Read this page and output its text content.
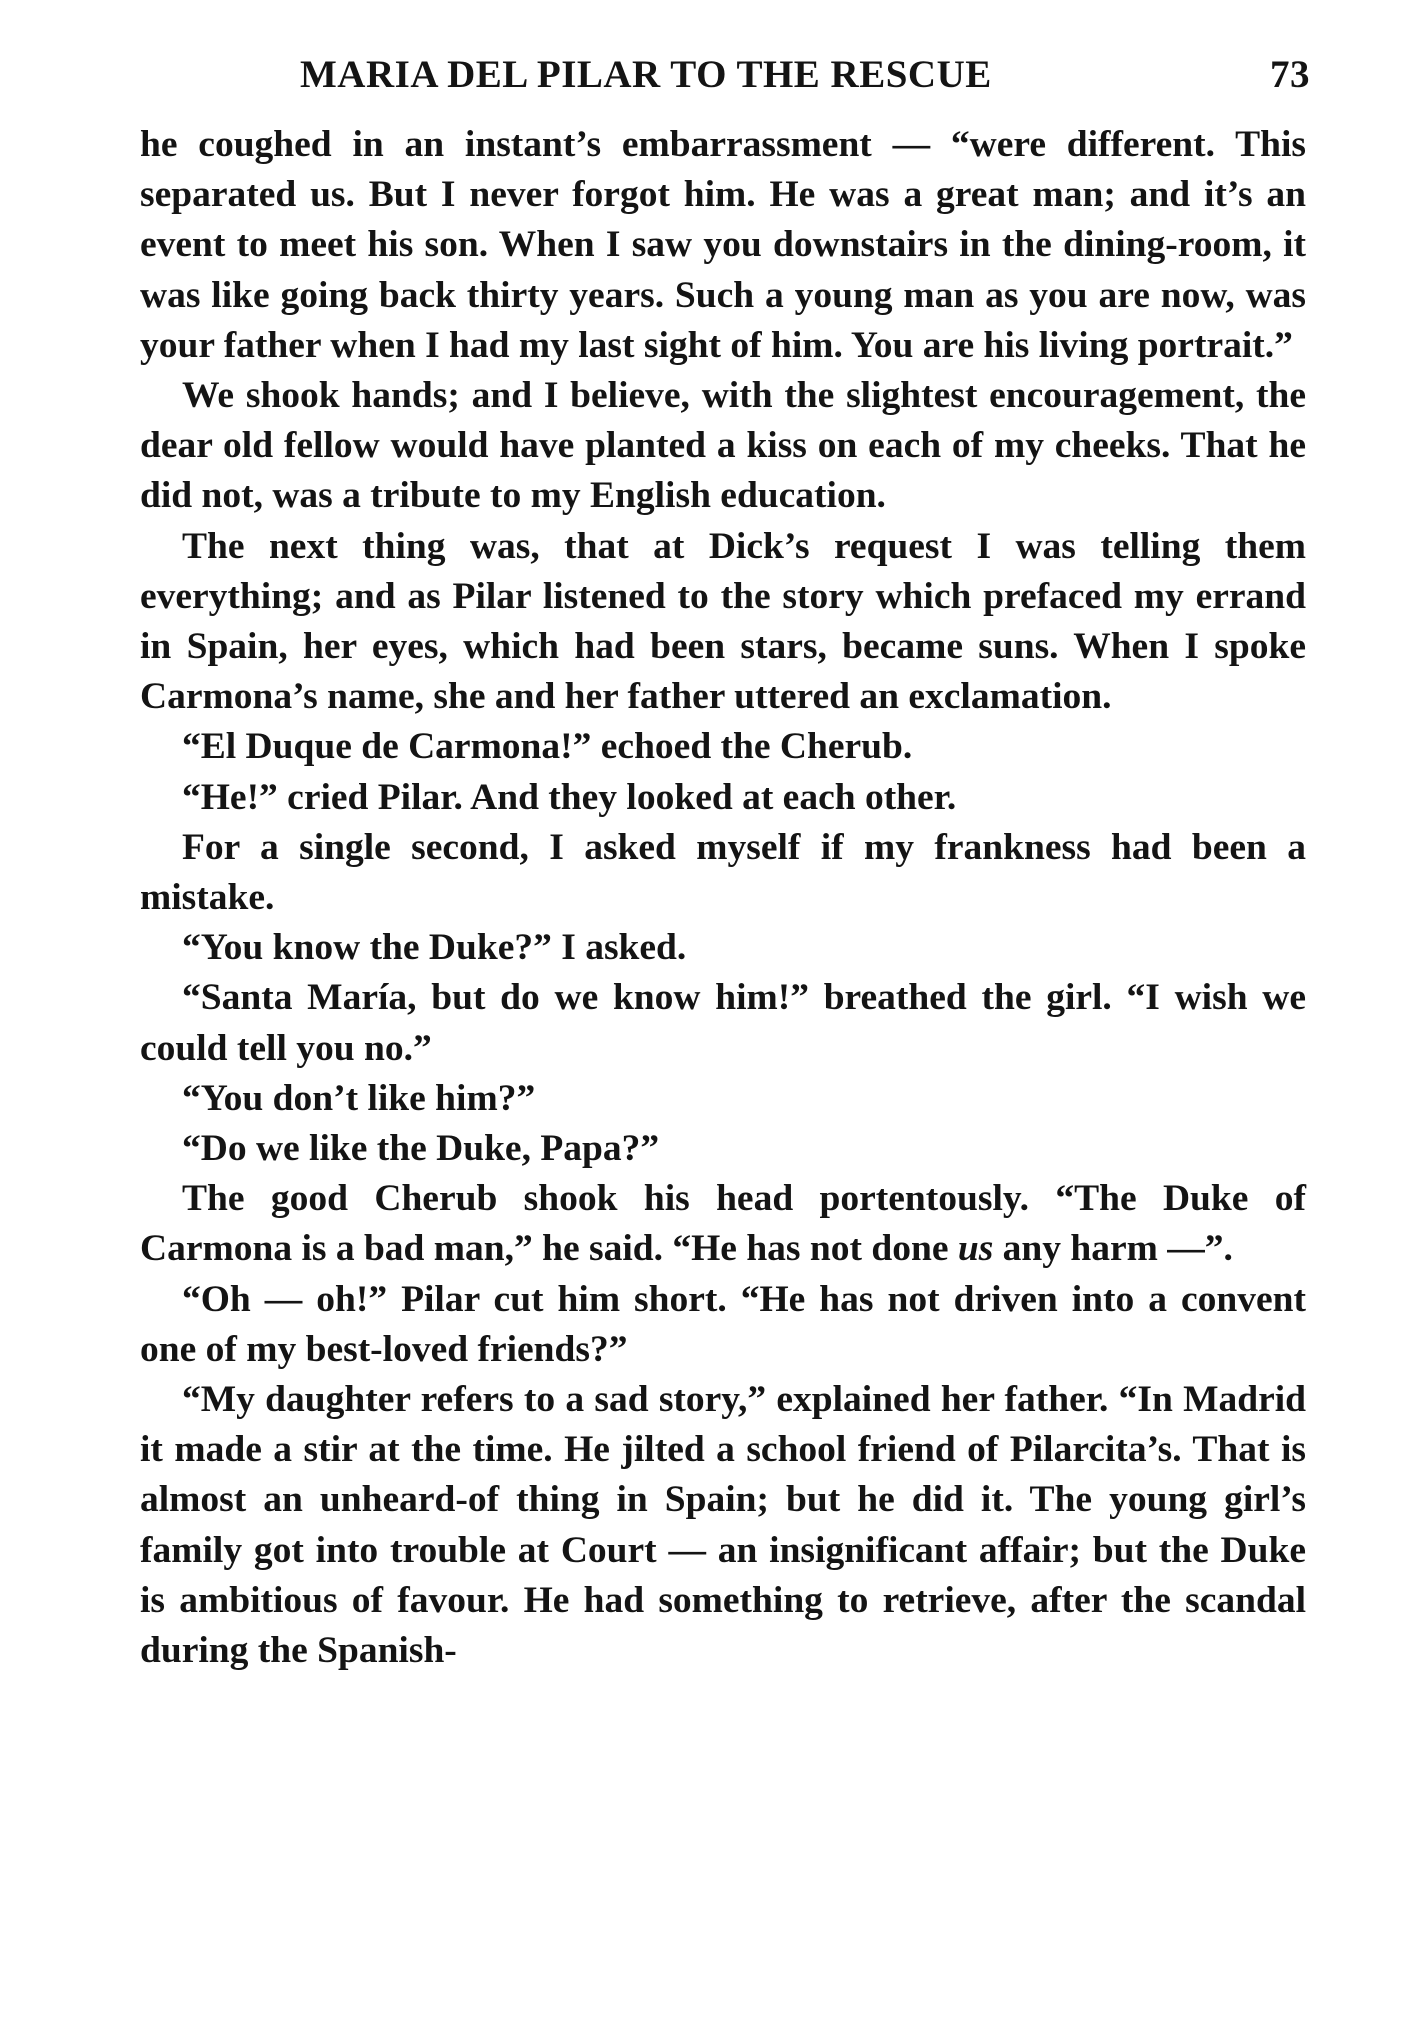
MARIA DEL PILAR TO THE RESCUE	73

he coughed in an instant’s embarrassment — “were different. This separated us. But I never forgot him. He was a great man; and it’s an event to meet his son. When I saw you downstairs in the dining-room, it was like going back thirty years. Such a young man as you are now, was your father when I had my last sight of him. You are his living portrait.”

We shook hands; and I believe, with the slightest encouragement, the dear old fellow would have planted a kiss on each of my cheeks. That he did not, was a tribute to my English education.

The next thing was, that at Dick’s request I was telling them everything; and as Pilar listened to the story which prefaced my errand in Spain, her eyes, which had been stars, became suns. When I spoke Carmona’s name, she and her father uttered an exclamation.

“El Duque de Carmona!” echoed the Cherub.

“He!” cried Pilar. And they looked at each other.

For a single second, I asked myself if my frankness had been a mistake.

“You know the Duke?” I asked.

“Santa María, but do we know him!” breathed the girl. “I wish we could tell you no.”

“You don’t like him?”

“Do we like the Duke, Papa?”

The good Cherub shook his head portentously. “The Duke of Carmona is a bad man,” he said. “He has not done us any harm —”.

“Oh — oh!” Pilar cut him short. “He has not driven into a convent one of my best-loved friends?”

“My daughter refers to a sad story,” explained her father. “In Madrid it made a stir at the time. He jilted a school friend of Pilarcita’s. That is almost an unheard-of thing in Spain; but he did it. The young girl’s family got into trouble at Court — an insignificant affair; but the Duke is ambitious of favour. He had something to retrieve, after the scandal during the Spanish-
